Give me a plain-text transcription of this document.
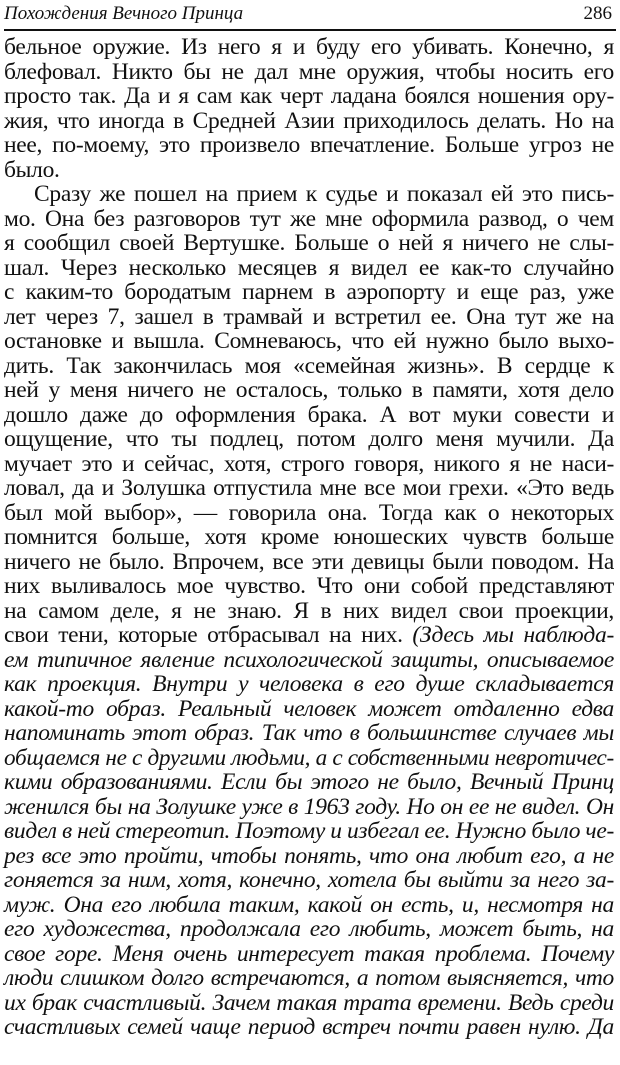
Похождения Вечного Принца	286
бельное оружие. Из него я и буду его убивать. Конечно, я
блефовал. Никто бы не дал мне оружия, чтобы носить его
просто так. Да и я сам как черт ладана боялся ношения ору-
жия, что иногда в Средней Азии приходилось делать. Но на
нее, по-моему, это произвело впечатление. Больше угроз не
было.
Сразу же пошел на прием к судье и показал ей это пись-
мо. Она без разговоров тут же мне оформила развод, о чем
я сообщил своей Вертушке. Больше о ней я ничего не слы-
шал. Через несколько месяцев я видел ее как-то случайно
с каким-то бородатым парнем в аэропорту и еще раз, уже
лет через 7, зашел в трамвай и встретил ее. Она тут же на
остановке и вышла. Сомневаюсь, что ей нужно было выхо-
дить. Так закончилась моя «семейная жизнь». В сердце к
ней у меня ничего не осталось, только в памяти, хотя дело
дошло даже до оформления брака. А вот муки совести и
ощущение, что ты подлец, потом долго меня мучили. Да
мучает это и сейчас, хотя, строго говоря, никого я не наси-
ловал, да и Золушка отпустила мне все мои грехи. «Это ведь
был мой выбор», — говорила она. Тогда как о некоторых
помнится больше, хотя кроме юношеских чувств больше
ничего не было. Впрочем, все эти девицы были поводом. На
них выливалось мое чувство. Что они собой представляют
на самом деле, я не знаю. Я в них видел свои проекции,
свои тени, которые отбрасывал на них. (Здесь мы наблюда-
ем типичное явление психологической защиты, описываемое
как проекция. Внутри у человека в его душе складывается
какой-то образ. Реальный человек может отдаленно едва
напоминать этот образ. Так что в большинстве случаев мы
общаемся не с другими людьми, а с собственными невротичес-
кими образованиями. Если бы этого не было, Вечный Принц
женился бы на Золушке уже в 1963 году. Но он ее не видел. Он
видел в ней стереотип. Поэтому и избегал ее. Нужно было че-
рез все это пройти, чтобы понять, что она любит его, а не
гоняется за ним, хотя, конечно, хотела бы выйти за него за-
муж. Она его любила таким, какой он есть, и, несмотря на
его художества, продолжала его любить, может быть, на
свое горе. Меня очень интересует такая проблема. Почему
люди слишком долго встречаются, а потом выясняется, что
их брак счастливый. Зачем такая трата времени. Ведь среди
счастливых семей чаще период встреч почти равен нулю. Да
